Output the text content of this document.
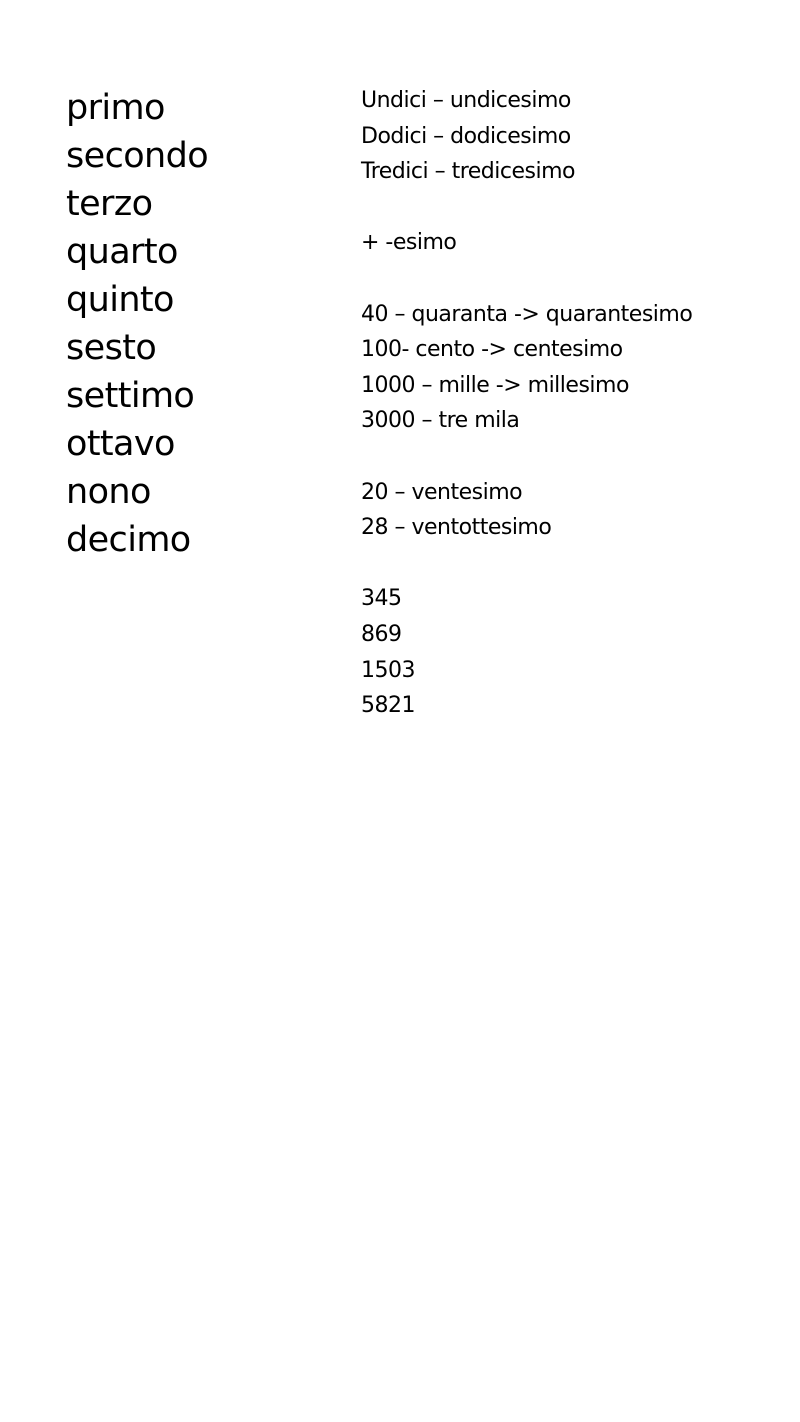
primo
secondo
terzo
quarto
quinto
sesto
settimo
ottavo
nono
decimo
Undici – undicesimo
Dodici – dodicesimo
Tredici – tredicesimo
+ -esimo
40 – quaranta -> quarantesimo
100- cento -> centesimo
1000 – mille -> millesimo
3000 – tre mila
20 – ventesimo
28 – ventottesimo
345
869
1503
5821
